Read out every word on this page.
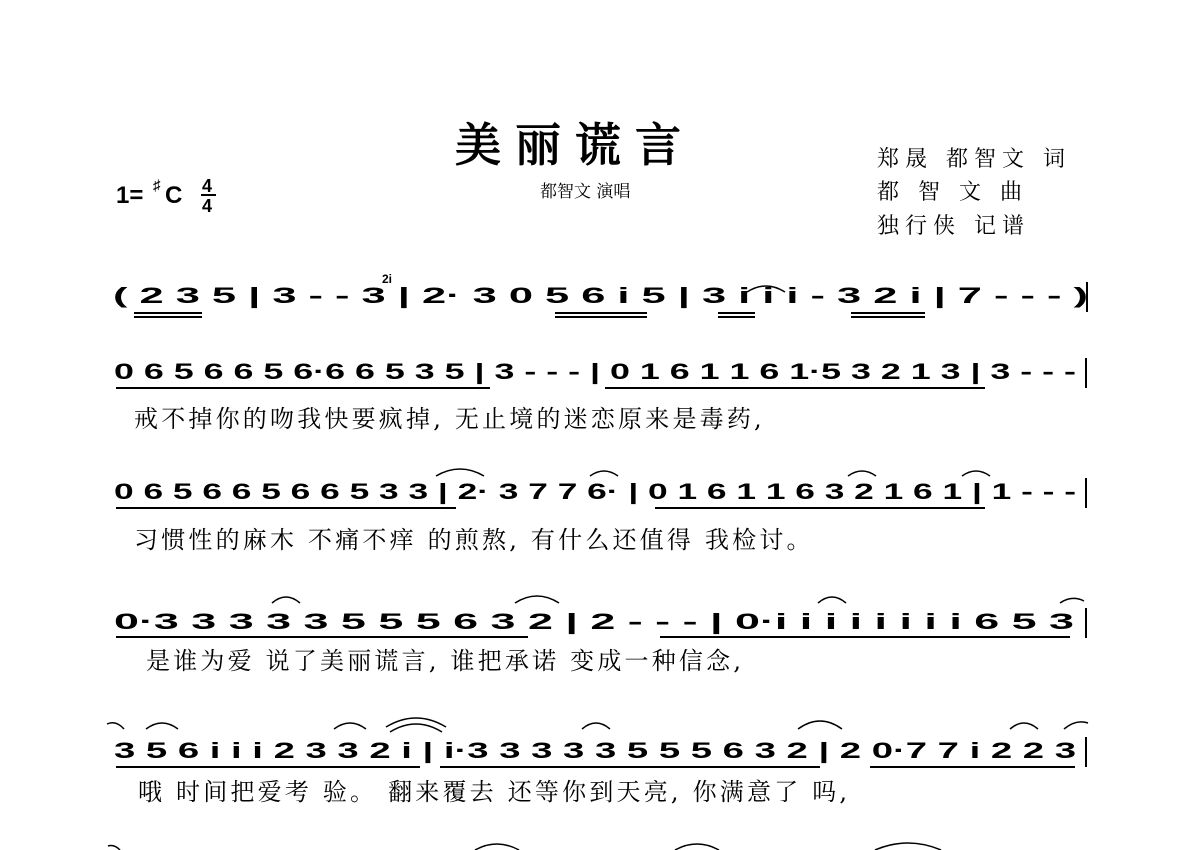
美丽谎言
都智文 演唱
郑晟 都智文 词
都 智 文 曲
独行侠 记谱
1= ♯ C 4
4
( 2 3 5 | 3 - - 3 | 2· 3 0 5 6 i 5 | 3 i i i - 3 2 i | 7 - - - )
2i
0 6 5 6 6 5 6·6 6 5 3 5 | 3 - - - | 0 1 6 1 1 6 1·5 3 2 1 3 | 3 - - -
戒不掉你的吻我快要疯掉, 无止境的迷恋原来是毒药,
0 6 5 6 6 5 6 6 5 3 3 | 2· 3 7 7 6· | 0 1 6 1 1 6 3 2 1 6 1 | 1 - - -
习惯性的麻木 不痛不痒 的煎熬, 有什么还值得 我检讨。
0·3 3 3 3 3 5 5 5 6 3 2 | 2 - - - | 0·i i i i i i i i 6 5 3
是谁为爱 说了美丽谎言, 谁把承诺 变成一种信念,
3 5 6 i i i 2 3 3 2 i | i·3 3 3 3 3 5 5 5 6 3 2 | 2 0·7 7 i 2 2 3
哦 时间把爱考 验。 翻来覆去 还等你到天亮, 你满意了 吗,
